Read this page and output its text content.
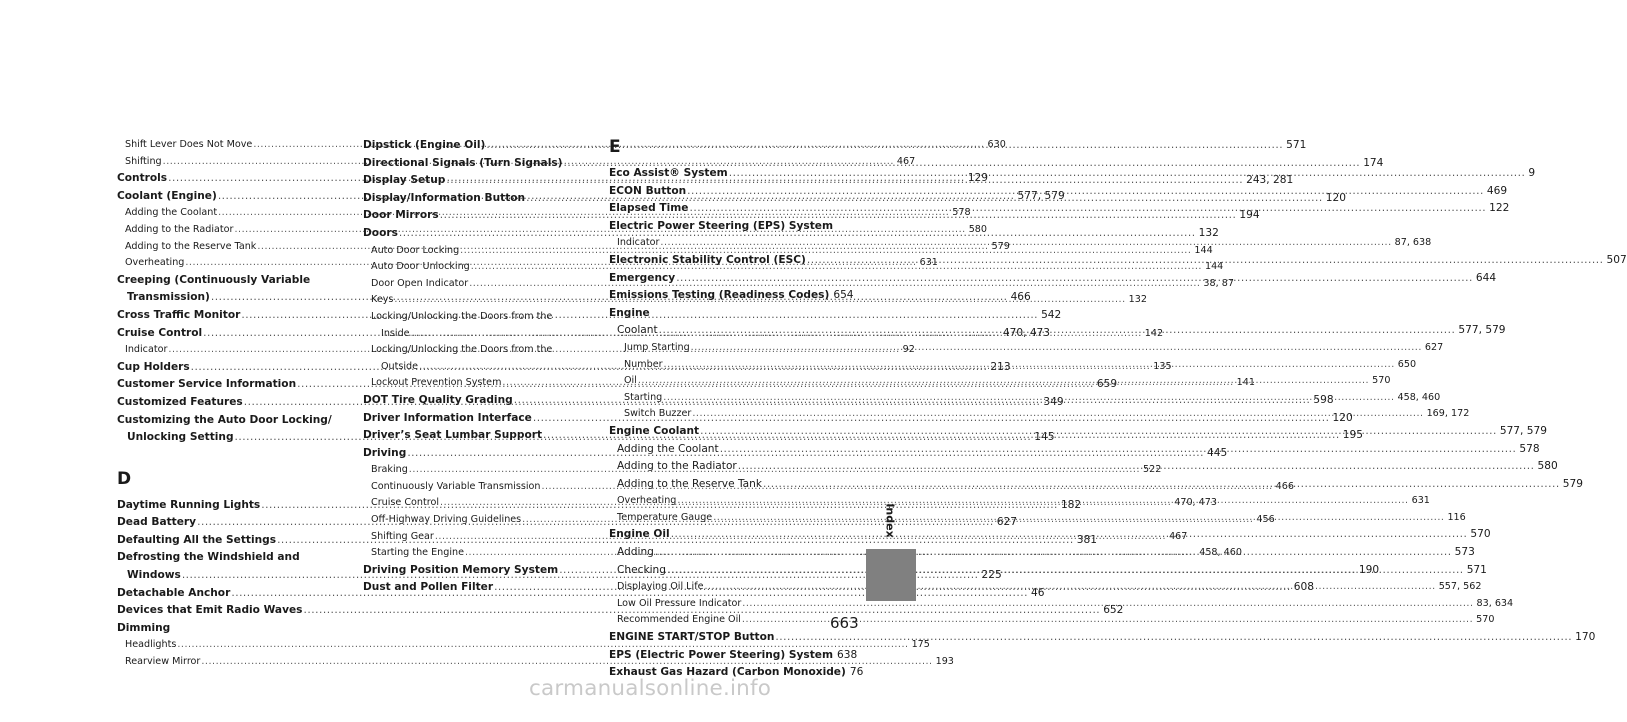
Shift Lever Does Not Move .....	630
Shifting .....	467
Controls .....	129
Coolant (Engine) .....	577, 579
Adding the Coolant .....	578
Adding to the Radiator .....	580
Adding to the Reserve Tank .....	579
Overheating .....	631
Creeping (Continuously Variable
Transmission) .....	466
Cross Traffic Monitor .....	542
Cruise Control .....	470, 473
Indicator .....	92
Cup Holders .....	213
Customer Service Information .....	659
Customized Features .....	349
Customizing the Auto Door Locking/
Unlocking Setting .....	145
D
Daytime Running Lights .....	182
Dead Battery .....	627
Defaulting All the Settings .....	381
Defrosting the Windshield and
Windows .....	225
Detachable Anchor .....	46
Devices that Emit Radio Waves .....	652
Dimming
Headlights .....	175
Rearview Mirror .....	193
Dipstick (Engine Oil) .....	571
Directional Signals (Turn Signals) .....	174
Display Setup .....	243, 281
Display/Information Button .....	120
Door Mirrors .....	194
Doors .....	132
Auto Door Locking .....	144
Auto Door Unlocking .....	144
Door Open Indicator .....	38, 87
Keys .....	132
Locking/Unlocking the Doors from the
Inside .....	142
Locking/Unlocking the Doors from the
Outside .....	135
Lockout Prevention System .....	141
DOT Tire Quality Grading .....	598
Driver Information Interface .....	120
Driver’s Seat Lumbar Support .....	195
Driving .....	445
Braking .....	522
Continuously Variable Transmission .....	466
Cruise Control .....	470, 473
Off-Highway Driving Guidelines .....	456
Shifting Gear .....	467
Starting the Engine .....	458, 460
Driving Position Memory System .....	190
Dust and Pollen Filter .....	608
E
Eco Assist® System .....	9
ECON Button .....	469
Elapsed Time .....	122
Electric Power Steering (EPS) System
Indicator .....	87, 638
Electronic Stability Control (ESC) .....	507
Emergency .....	644
Emissions Testing (Readiness Codes) 654
Engine
Coolant .....	577, 579
Jump Starting .....	627
Number .....	650
Oil .....	570
Starting .....	458, 460
Switch Buzzer .....	169, 172
Engine Coolant .....	577, 579
Adding the Coolant .....	578
Adding to the Radiator .....	580
Adding to the Reserve Tank .....	579
Overheating .....	631
Temperature Gauge .....	116
Engine Oil .....	570
Adding .....	573
Checking .....	571
Displaying Oil Life .....	557, 562
Low Oil Pressure Indicator .....	83, 634
Recommended Engine Oil .....	570
ENGINE START/STOP Button .....	170
EPS (Electric Power Steering) System 638
Exhaust Gas Hazard (Carbon Monoxide) 76
Index
663
carmanualsonline.info
